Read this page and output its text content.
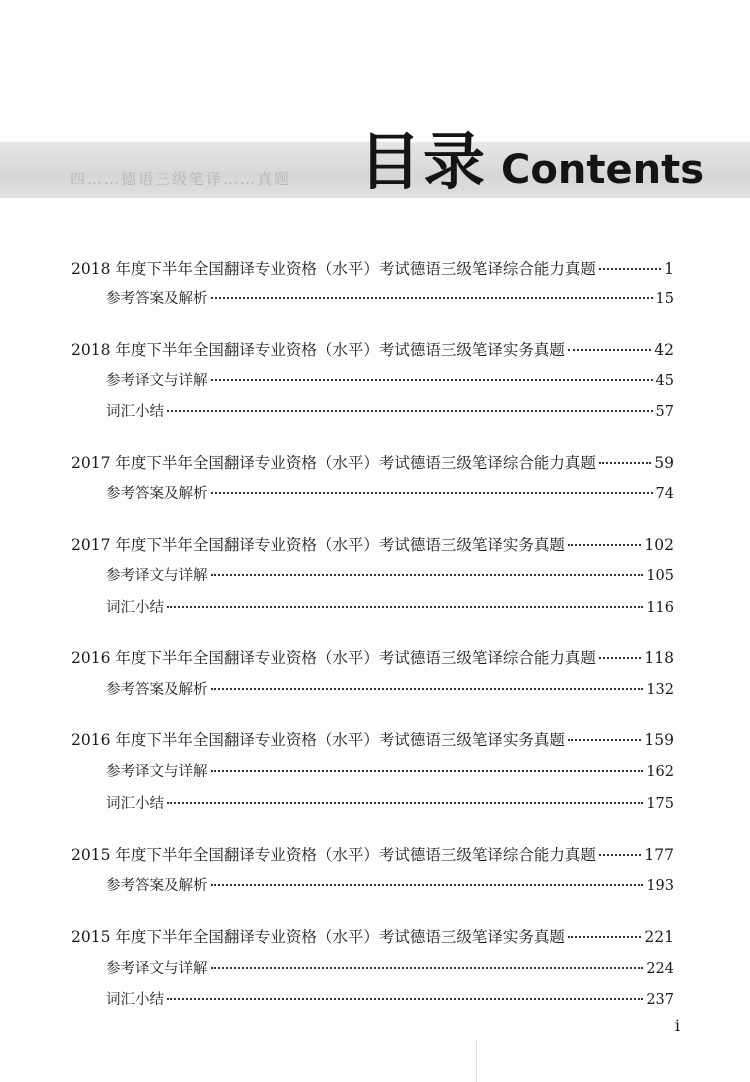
四……德语三级笔译……真题 目录 Contents
2018 年度下半年全国翻译专业资格（水平）考试德语三级笔译综合能力真题	1
参考答案及解析	15
2018 年度下半年全国翻译专业资格（水平）考试德语三级笔译实务真题	42
参考译文与详解	45
词汇小结	57
2017 年度下半年全国翻译专业资格（水平）考试德语三级笔译综合能力真题	59
参考答案及解析	74
2017 年度下半年全国翻译专业资格（水平）考试德语三级笔译实务真题	102
参考译文与详解	105
词汇小结	116
2016 年度下半年全国翻译专业资格（水平）考试德语三级笔译综合能力真题	118
参考答案及解析	132
2016 年度下半年全国翻译专业资格（水平）考试德语三级笔译实务真题	159
参考译文与详解	162
词汇小结	175
2015 年度下半年全国翻译专业资格（水平）考试德语三级笔译综合能力真题	177
参考答案及解析	193
2015 年度下半年全国翻译专业资格（水平）考试德语三级笔译实务真题	221
参考译文与详解	224
词汇小结	237
i
